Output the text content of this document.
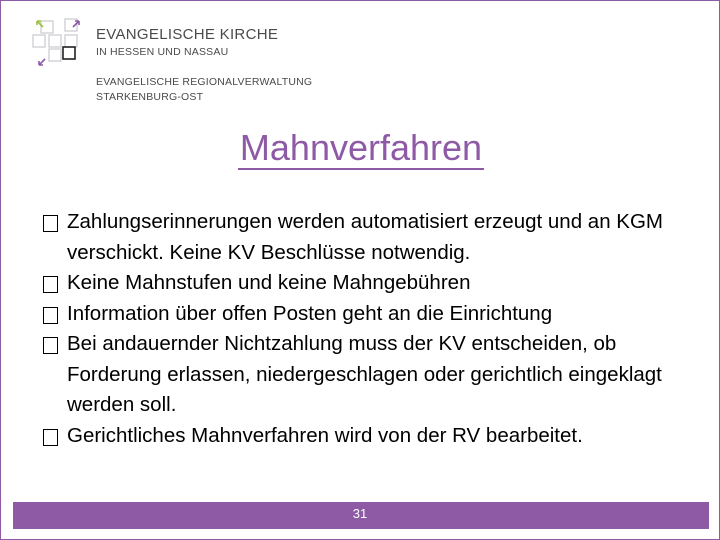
EVANGELISCHE KIRCHE
IN HESSEN UND NASSAU
EVANGELISCHE REGIONALVERWALTUNG
STARKENBURG-OST
Mahnverfahren
Zahlungserinnerungen werden automatisiert erzeugt und an KGM verschickt. Keine KV Beschlüsse notwendig.
Keine Mahnstufen und keine Mahngebühren
Information über offen Posten geht an die Einrichtung
Bei andauernder Nichtzahlung muss der KV entscheiden, ob Forderung erlassen, niedergeschlagen oder gerichtlich eingeklagt werden soll.
Gerichtliches Mahnverfahren wird von der RV bearbeitet.
31
